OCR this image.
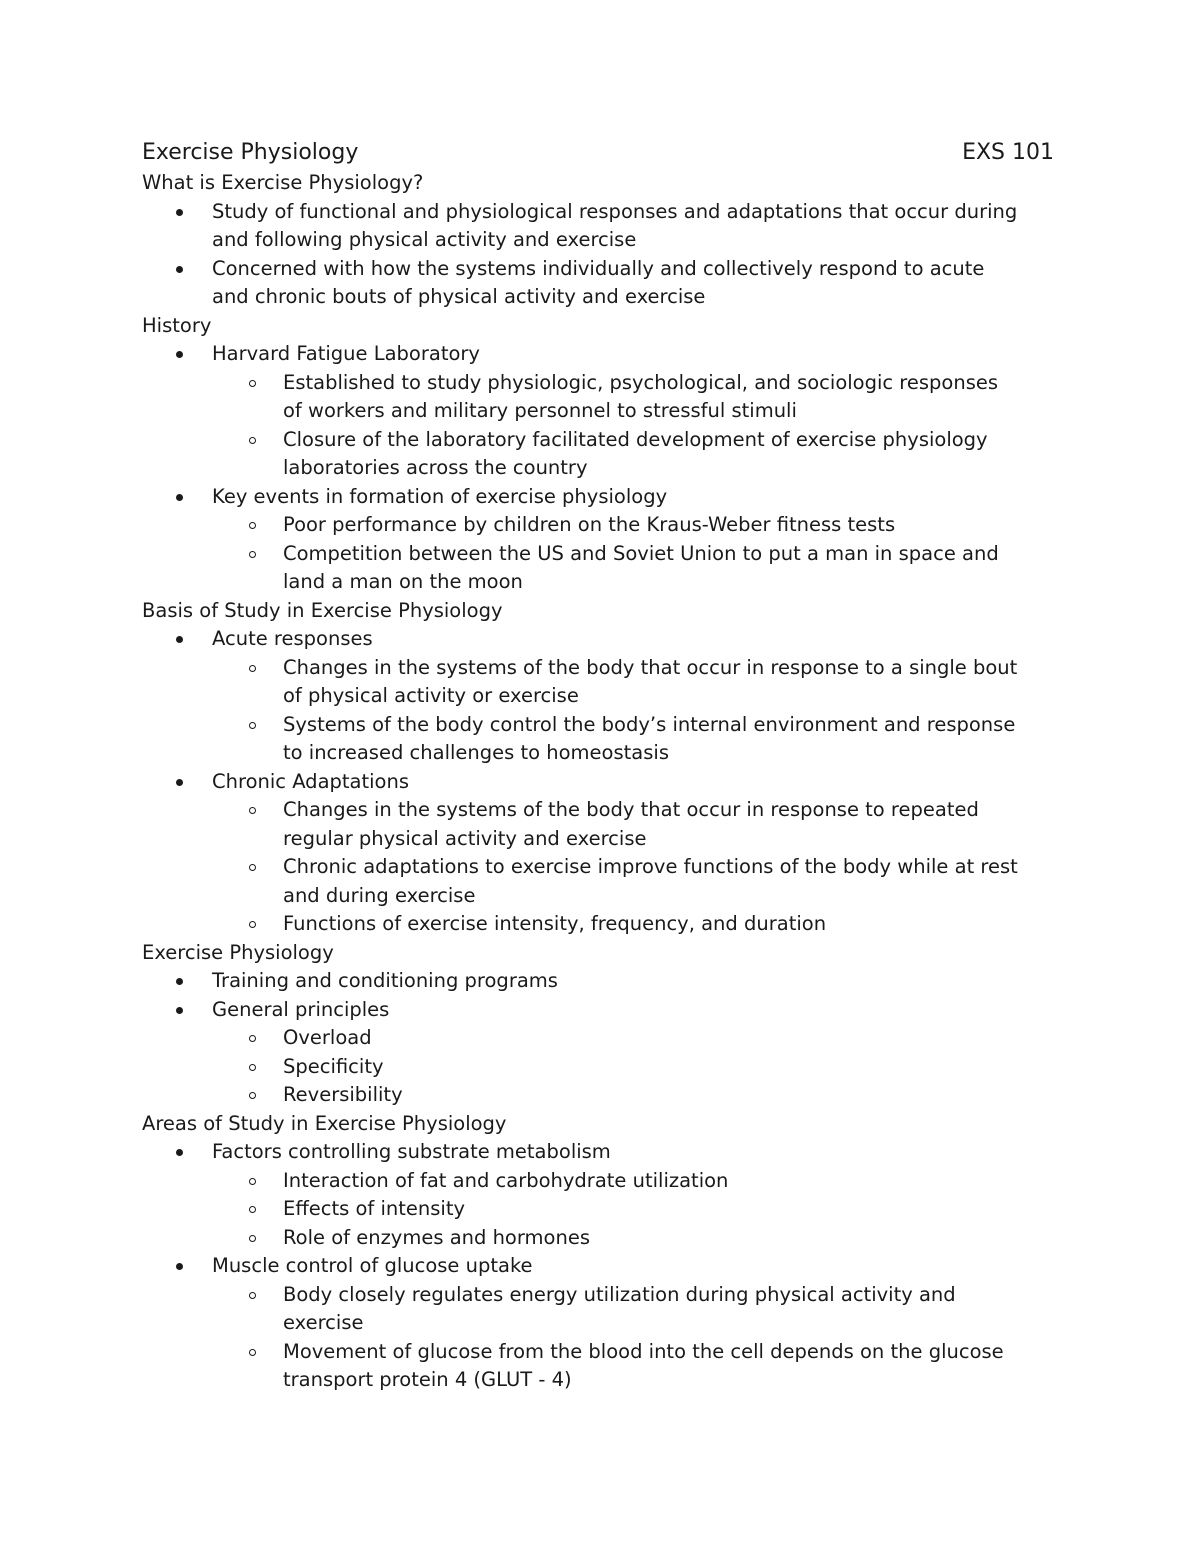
Exercise Physiology	EXS 101
What is Exercise Physiology?
Study of functional and physiological responses and adaptations that occur during and following physical activity and exercise
Concerned with how the systems individually and collectively respond to acute and chronic bouts of physical activity and exercise
History
Harvard Fatigue Laboratory
Established to study physiologic, psychological, and sociologic responses of workers and military personnel to stressful stimuli
Closure of the laboratory facilitated development of exercise physiology laboratories across the country
Key events in formation of exercise physiology
Poor performance by children on the Kraus-Weber fitness tests
Competition between the US and Soviet Union to put a man in space and land a man on the moon
Basis of Study in Exercise Physiology
Acute responses
Changes in the systems of the body that occur in response to a single bout of physical activity or exercise
Systems of the body control the body’s internal environment and response to increased challenges to homeostasis
Chronic Adaptations
Changes in the systems of the body that occur in response to repeated regular physical activity and exercise
Chronic adaptations to exercise improve functions of the body while at rest and during exercise
Functions of exercise intensity, frequency, and duration
Exercise Physiology
Training and conditioning programs
General principles
Overload
Specificity
Reversibility
Areas of Study in Exercise Physiology
Factors controlling substrate metabolism
Interaction of fat and carbohydrate utilization
Effects of intensity
Role of enzymes and hormones
Muscle control of glucose uptake
Body closely regulates energy utilization during physical activity and exercise
Movement of glucose from the blood into the cell depends on the glucose transport protein 4 (GLUT - 4)
